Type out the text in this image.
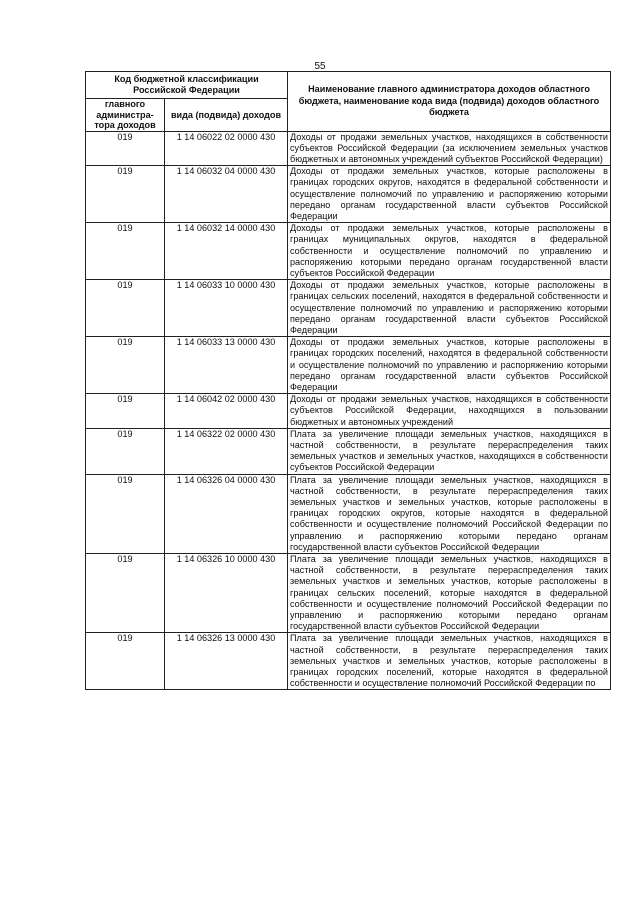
55
Код бюджетной классификации Российской Федерации		Наименование главного администратора доходов областного бюджета, наименование кода вида (подвида) доходов областного бюджета
главного администра-тора доходов	вида (подвида) доходов	
019	1 14 06022 02 0000 430	Доходы от продажи земельных участков, находящихся в собственности субъектов Российской Федерации (за исключением земельных участков бюджетных и автономных учреждений субъектов Российской Федерации)
019	1 14 06032 04 0000 430	Доходы от продажи земельных участков, которые расположены в границах городских округов, находятся в федеральной собственности и осуществление полномочий по управлению и распоряжению которыми передано органам государственной власти субъектов Российской Федерации
019	1 14 06032 14 0000 430	Доходы от продажи земельных участков, которые расположены в границах муниципальных округов, находятся в федеральной собственности и осуществление полномочий по управлению и распоряжению которыми передано органам государственной власти субъектов Российской Федерации
019	1 14 06033 10 0000 430	Доходы от продажи земельных участков, которые расположены в границах сельских поселений, находятся в федеральной собственности и осуществление полномочий по управлению и распоряжению которыми передано органам государственной власти субъектов Российской Федерации
019	1 14 06033 13 0000 430	Доходы от продажи земельных участков, которые расположены в границах городских поселений, находятся в федеральной собственности и осуществление полномочий по управлению и распоряжению которыми передано органам государственной власти субъектов Российской Федерации
019	1 14 06042 02 0000 430	Доходы от продажи земельных участков, находящихся в собственности субъектов Российской Федерации, находящихся в пользовании бюджетных и автономных учреждений
019	1 14 06322 02 0000 430	Плата за увеличение площади земельных участков, находящихся в частной собственности, в результате перераспределения таких земельных участков и земельных участков, находящихся в собственности субъектов Российской Федерации
019	1 14 06326 04 0000 430	Плата за увеличение площади земельных участков, находящихся в частной собственности, в результате перераспределения таких земельных участков и земельных участков, которые расположены в границах городских округов, которые находятся в федеральной собственности и осуществление полномочий Российской Федерации по управлению и распоряжению которыми передано органам государственной власти субъектов Российской Федерации
019	1 14 06326 10 0000 430	Плата за увеличение площади земельных участков, находящихся в частной собственности, в результате перераспределения таких земельных участков и земельных участков, которые расположены в границах сельских поселений, которые находятся в федеральной собственности и осуществление полномочий Российской Федерации по управлению и распоряжению которыми передано органам государственной власти субъектов Российской Федерации
019	1 14 06326 13 0000 430	Плата за увеличение площади земельных участков, находящихся в частной собственности, в результате перераспределения таких земельных участков и земельных участков, которые расположены в границах городских поселений, которые находятся в федеральной собственности и осуществление полномочий Российской Федерации по
